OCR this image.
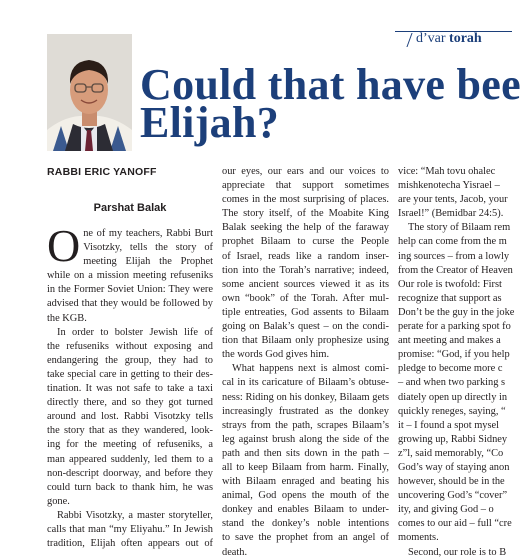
d’var torah
Could that have bee
Elijah?
RABBI ERIC YANOFF
Parshat Balak
O ne of my teachers, Rabbi Burt
Visotzky, tells the story of
meeting Elijah the Prophet
while on a mission meeting refuseniks
in the Former Soviet Union: They were
advised that they would be followed by
the KGB.
In order to bolster Jewish life of
the refuseniks without exposing and
endangering the group, they had to
take special care in getting to their des-
tination. It was not safe to take a taxi
directly there, and so they got turned
around and lost. Rabbi Visotzky tells
the story that as they wandered, look-
ing for the meeting of refuseniks, a
man appeared suddenly, led them to a
non-descript doorway, and before they
could turn back to thank him, he was
gone.
Rabbi Visotzky, a master storyteller,
calls that man “my Eliyahu.” In Jewish
tradition, Elijah often appears out of
our eyes, our ears and our voices to
appreciate that support sometimes
comes in the most surprising of places.
The story itself, of the Moabite King
Balak seeking the help of the faraway
prophet Bilaam to curse the People
of Israel, reads like a random inser-
tion into the Torah’s narrative; indeed,
some ancient sources viewed it as its
own “book” of the Torah. After mul-
tiple entreaties, God assents to Bilaam
going on Balak’s quest – on the condi-
tion that Bilaam only prophesize using
the words God gives him.
What happens next is almost comi-
cal in its caricature of Bilaam’s obtuse-
ness: Riding on his donkey, Bilaam gets
increasingly frustrated as the donkey
strays from the path, scrapes Bilaam’s
leg against brush along the side of the
path and then sits down in the path –
all to keep Bilaam from harm. Finally,
with Bilaam enraged and beating his
animal, God opens the mouth of the
donkey and enables Bilaam to under-
stand the donkey’s noble intentions
to save the prophet from an angel of
death.
vice: “Mah tovu ohalec
mishkenotecha Yisrael –
are your tents, Jacob, your
Israel!” (Bemidbar 24:5).
The story of Bilaam rem
help can come from the m
ing sources – from a lowly
from the Creator of Heaven
Our role is twofold: First
recognize that support as
Don’t be the guy in the joke
perate for a parking spot fo
ant meeting and makes a
promise: “God, if you help
pledge to become more c
– and when two parking s
diately open up directly in
quickly reneges, saying, “
it – I found a spot mysel
growing up, Rabbi Sidney
z”l, said memorably, “Co
God’s way of staying anon
however, should be in the
uncovering God’s “cover”
ity, and giving God – o
comes to our aid – full “cre
moments.
Second, our role is to B
